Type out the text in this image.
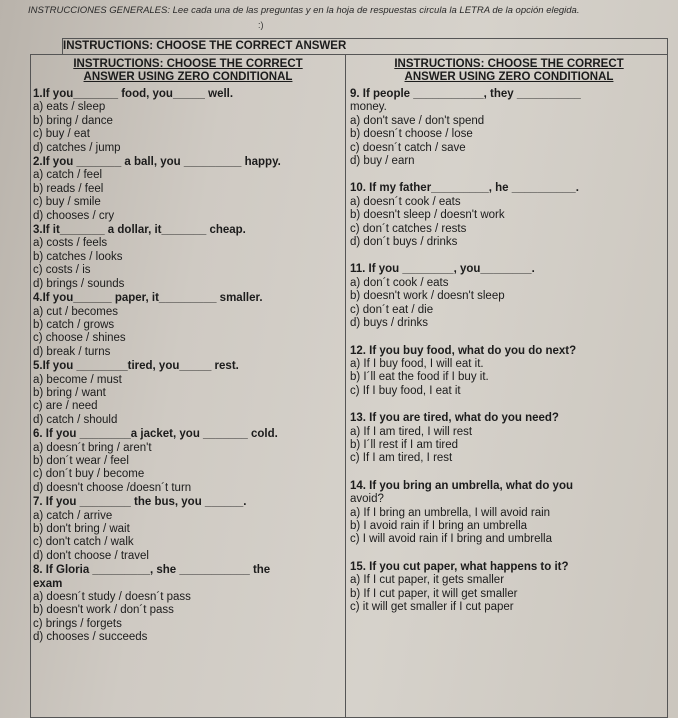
INSTRUCCIONES GENERALES: Lee cada una de las preguntas y en la hoja de respuestas circula la LETRA de la opción elegida.
:)
INSTRUCTIONS: CHOOSE THE CORRECT ANSWER
INSTRUCTIONS: CHOOSE THE CORRECT
ANSWER USING ZERO CONDITIONAL
1.If you_______ food, you_____ well.
a) eats / sleep
b) bring / dance
c) buy / eat
d) catches / jump
2.If you _______ a ball, you _________ happy.
a) catch / feel
b) reads / feel
c) buy / smile
d) chooses / cry
3.If it_______ a dollar, it_______ cheap.
a) costs / feels
b) catches / looks
c) costs / is
d) brings / sounds
4.If you______ paper, it_________ smaller.
a) cut / becomes
b) catch / grows
c) choose / shines
d) break / turns
5.If you ________tired, you_____ rest.
a) become / must
b) bring / want
c) are / need
d) catch / should
6. If you ________a jacket, you _______ cold.
a) doesn´t bring / aren't
b) don´t wear / feel
c) don´t buy / become
d) doesn't choose /doesn´t turn
7. If you ________ the bus, you ______.
a) catch / arrive
b) don't bring / wait
c) don't catch / walk
d) don't choose / travel
8. If Gloria _________, she ___________ the
exam
a) doesn´t study / doesn´t pass
b) doesn't work / don´t pass
c) brings / forgets
d) chooses / succeeds
INSTRUCTIONS: CHOOSE THE CORRECT
ANSWER USING ZERO CONDITIONAL
9. If people ___________, they __________
money.
a) don't save / don't spend
b) doesn´t choose / lose
c) doesn´t catch / save
d) buy / earn
10. If my father_________, he __________.
a) doesn´t cook / eats
b) doesn't sleep / doesn't work
c) don´t catches / rests
d) don´t buys / drinks
11. If you ________, you________.
a) don´t cook / eats
b) doesn't work / doesn't sleep
c) don´t eat / die
d) buys / drinks
12. If you buy food, what do you do next?
a) If I buy food, I will eat it.
b) I´ll eat the food if I buy it.
c) If I buy food, I eat it
13. If you are tired, what do you need?
a) If I am tired, I will rest
b) I´ll rest if I am tired
c) If I am tired, I rest
14. If you bring an umbrella, what do you
avoid?
a) If I bring an umbrella, I will avoid rain
b) I avoid rain if I bring an umbrella
c) I will avoid rain if I bring and umbrella
15. If you cut paper, what happens to it?
a) If I cut paper, it gets smaller
b) If I cut paper, it will get smaller
c) it will get smaller if I cut paper
